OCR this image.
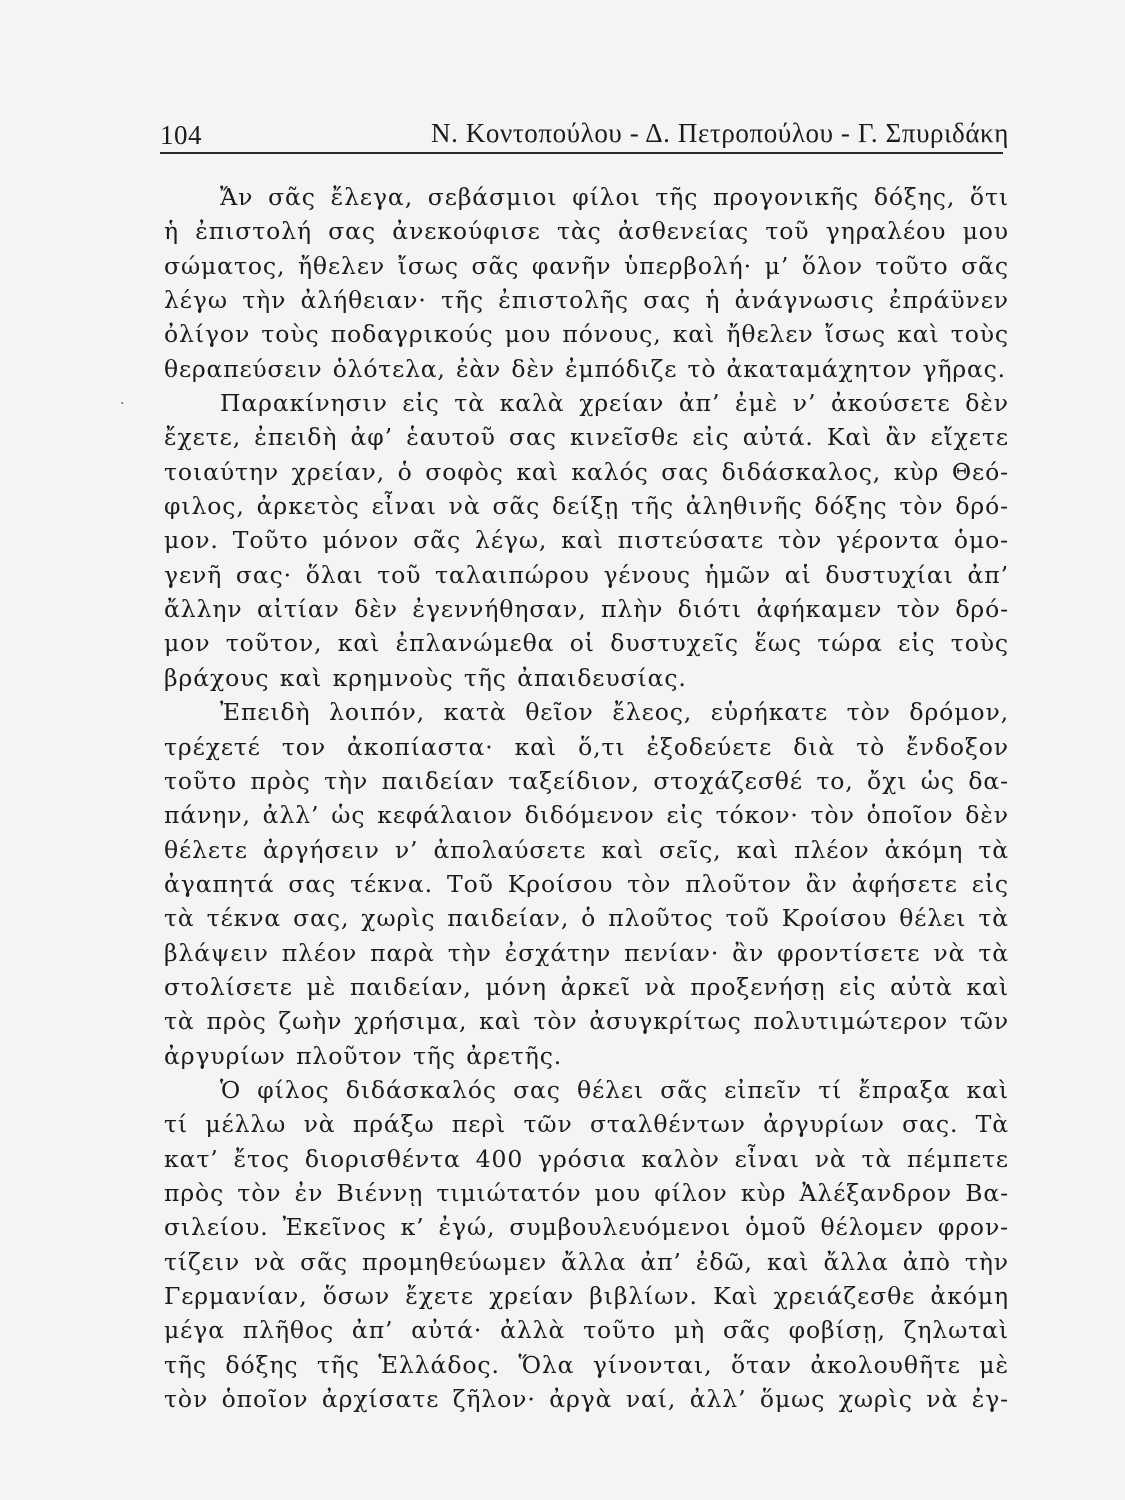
104	Ν. Κοντοπούλου - Δ. Πετροπούλου - Γ. Σπυριδάκη
·
Ἄν σᾶς ἔλεγα, σεβάσμιοι φίλοι τῆς προγονικῆς δόξης, ὅτι
ἡ ἐπιστολή σας ἀνεκούφισε τὰς ἀσθενείας τοῦ γηραλέου μου
σώματος, ἤθελεν ἴσως σᾶς φανῆν ὑπερβολή· μ’ ὅλον τοῦτο σᾶς
λέγω τὴν ἀλήθειαν· τῆς ἐπιστολῆς σας ἡ ἀνάγνωσις ἐπράϋνεν
ὀλίγον τοὺς ποδαγρικούς μου πόνους, καὶ ἤθελεν ἴσως καὶ τοὺς
θεραπεύσειν ὁλότελα, ἐὰν δὲν ἐμπόδιζε τὸ ἀκαταμάχητον γῆρας.
Παρακίνησιν εἰς τὰ καλὰ χρείαν ἀπ’ ἐμὲ ν’ ἀκούσετε δὲν
ἔχετε, ἐπειδὴ ἀφ’ ἑαυτοῦ σας κινεῖσθε εἰς αὐτά. Καὶ ἂν εἴχετε
τοιαύτην χρείαν, ὁ σοφὸς καὶ καλός σας διδάσκαλος, κὺρ Θεό-
φιλος, ἀρκετὸς εἶναι νὰ σᾶς δείξῃ τῆς ἀληθινῆς δόξης τὸν δρό-
μον. Τοῦτο μόνον σᾶς λέγω, καὶ πιστεύσατε τὸν γέροντα ὁμο-
γενῆ σας· ὅλαι τοῦ ταλαιπώρου γένους ἡμῶν αἱ δυστυχίαι ἀπ’
ἄλλην αἰτίαν δὲν ἐγεννήθησαν, πλὴν διότι ἀφήκαμεν τὸν δρό-
μον τοῦτον, καὶ ἐπλανώμεθα οἱ δυστυχεῖς ἕως τώρα εἰς τοὺς
βράχους καὶ κρημνοὺς τῆς ἀπαιδευσίας.
Ἐπειδὴ λοιπόν, κατὰ θεῖον ἔλεος, εὑρήκατε τὸν δρόμον,
τρέχετέ τον ἀκοπίαστα· καὶ ὅ,τι ἐξοδεύετε διὰ τὸ ἔνδοξον
τοῦτο πρὸς τὴν παιδείαν ταξείδιον, στοχάζεσθέ το, ὄχι ὡς δα-
πάνην, ἀλλ’ ὡς κεφάλαιον διδόμενον εἰς τόκον· τὸν ὁποῖον δὲν
θέλετε ἀργήσειν ν’ ἀπολαύσετε καὶ σεῖς, καὶ πλέον ἀκόμη τὰ
ἀγαπητά σας τέκνα. Τοῦ Κροίσου τὸν πλοῦτον ἂν ἀφήσετε εἰς
τὰ τέκνα σας, χωρὶς παιδείαν, ὁ πλοῦτος τοῦ Κροίσου θέλει τὰ
βλάψειν πλέον παρὰ τὴν ἐσχάτην πενίαν· ἂν φροντίσετε νὰ τὰ
στολίσετε μὲ παιδείαν, μόνη ἀρκεῖ νὰ προξενήσῃ εἰς αὐτὰ καὶ
τὰ πρὸς ζωὴν χρήσιμα, καὶ τὸν ἀσυγκρίτως πολυτιμώτερον τῶν
ἀργυρίων πλοῦτον τῆς ἀρετῆς.
Ὁ φίλος διδάσκαλός σας θέλει σᾶς εἰπεῖν τί ἔπραξα καὶ
τί μέλλω νὰ πράξω περὶ τῶν σταλθέντων ἀργυρίων σας. Τὰ
κατ’ ἔτος διορισθέντα 400 γρόσια καλὸν εἶναι νὰ τὰ πέμπετε
πρὸς τὸν ἐν Βιέννῃ τιμιώτατόν μου φίλον κὺρ Ἀλέξανδρον Βα-
σιλείου. Ἐκεῖνος κ’ ἐγώ, συμβουλευόμενοι ὁμοῦ θέλομεν φρον-
τίζειν νὰ σᾶς προμηθεύωμεν ἄλλα ἀπ’ ἐδῶ, καὶ ἄλλα ἀπὸ τὴν
Γερμανίαν, ὅσων ἔχετε χρείαν βιβλίων. Καὶ χρειάζεσθε ἀκόμη
μέγα πλῆθος ἀπ’ αὐτά· ἀλλὰ τοῦτο μὴ σᾶς φοβίσῃ, ζηλωταὶ
τῆς δόξης τῆς Ἑλλάδος. Ὅλα γίνονται, ὅταν ἀκολουθῆτε μὲ
τὸν ὁποῖον ἀρχίσατε ζῆλον· ἀργὰ ναί, ἀλλ’ ὅμως χωρὶς νὰ ἐγ-
